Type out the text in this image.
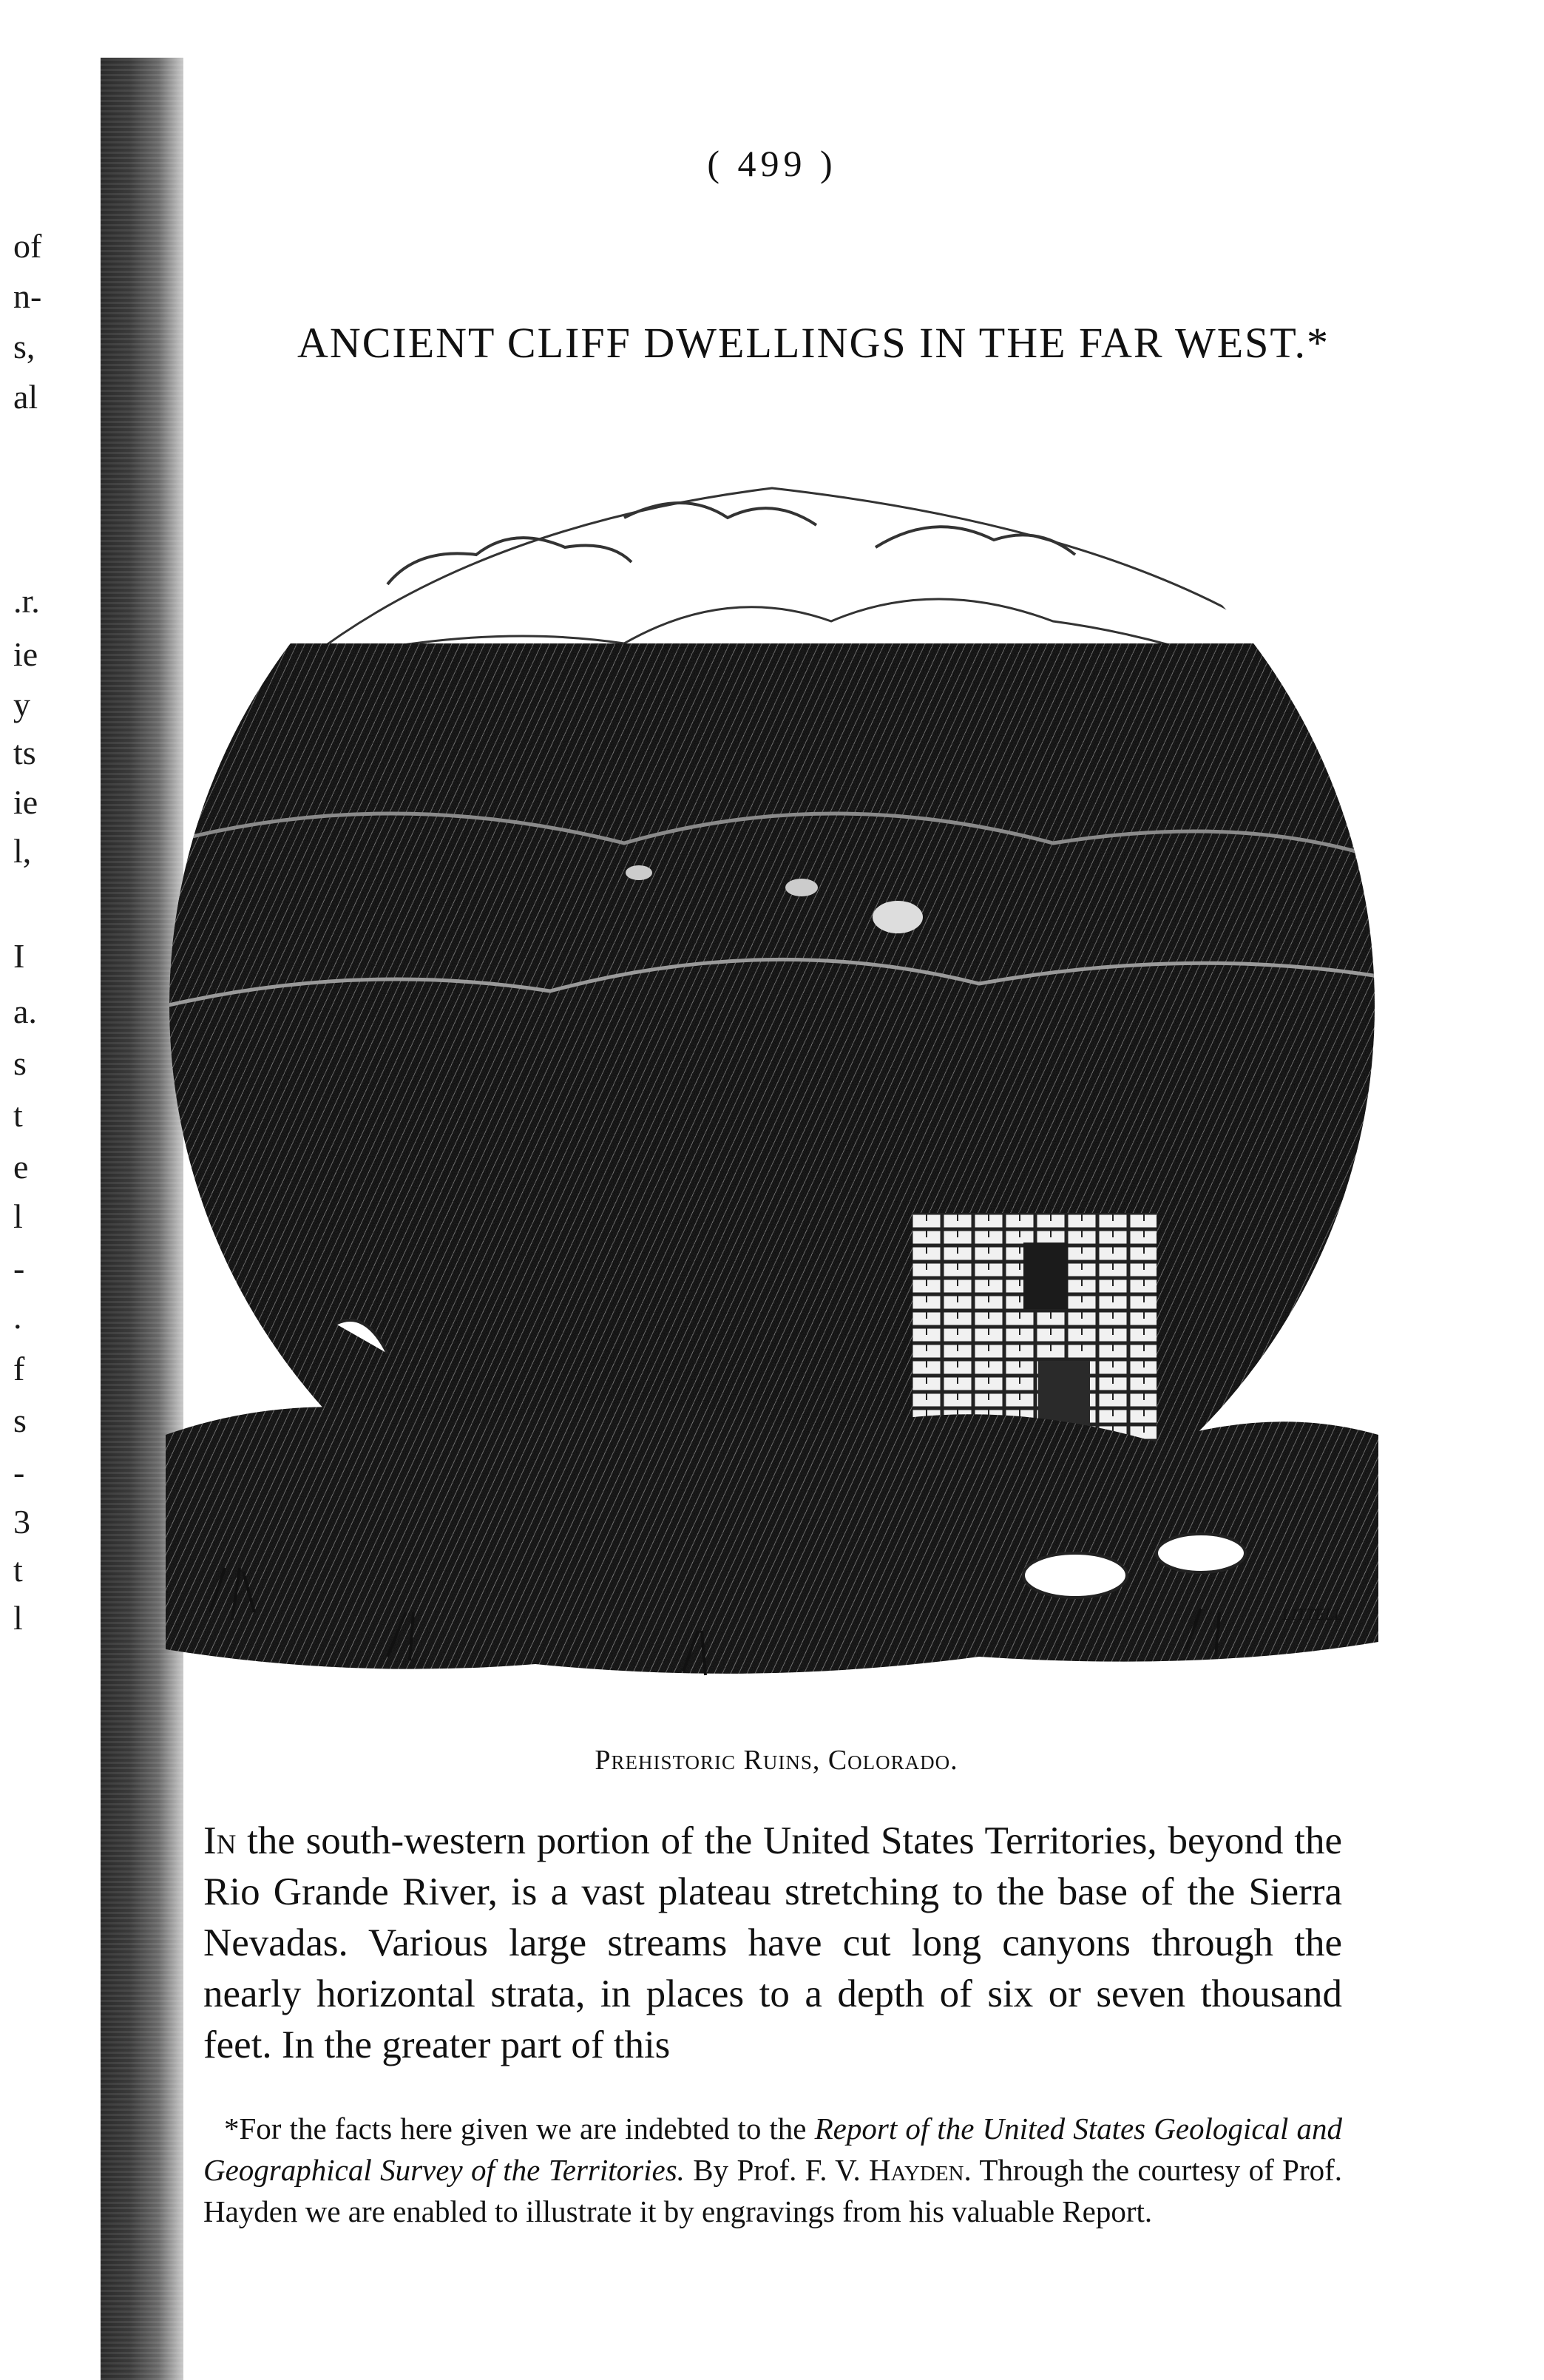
of
n-
s,
al
.r.
ie
y
ts
ie
l,
I
a.
s
t
e
l
-
.
f
s
-
3
t
l
( 499 )
ANCIENT CLIFF DWELLINGS IN THE FAR WEST.*
LITTELL
Prehistoric Ruins, Colorado.

In the south-western portion of the United States Territories, beyond the Rio Grande River, is a vast plateau stretching to the base of the Sierra Nevadas. Various large streams have cut long canyons through the nearly horizontal strata, in places to a depth of six or seven thousand feet. In the greater part of this

*For the facts here given we are indebted to the Report of the United States Geological and Geographical Survey of the Territories. By Prof. F. V. Hayden. Through the courtesy of Prof. Hayden we are enabled to illustrate it by engravings from his valuable Report.
